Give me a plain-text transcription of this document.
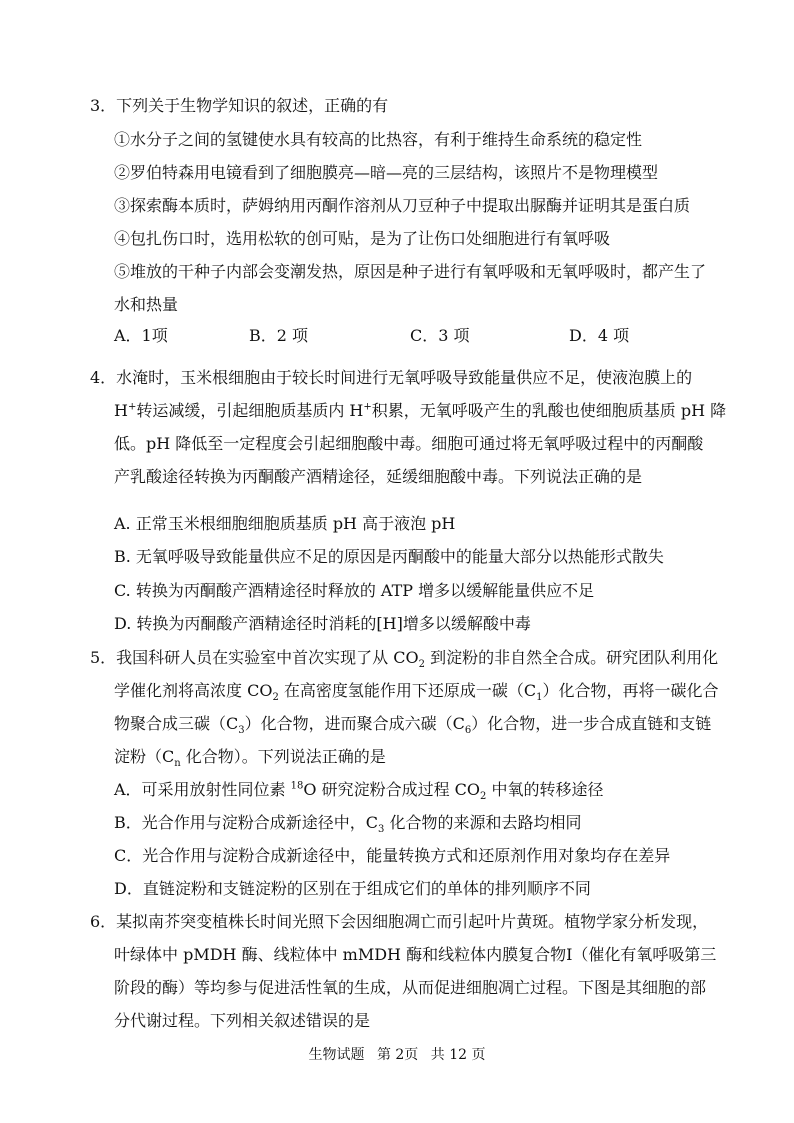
3．下列关于生物学知识的叙述，正确的有
①水分子之间的氢键使水具有较高的比热容，有利于维持生命系统的稳定性
②罗伯特森用电镜看到了细胞膜亮—暗—亮的三层结构，该照片不是物理模型
③探索酶本质时，萨姆纳用丙酮作溶剂从刀豆种子中提取出脲酶并证明其是蛋白质
④包扎伤口时，选用松软的创可贴，是为了让伤口处细胞进行有氧呼吸
⑤堆放的干种子内部会变潮发热，原因是种子进行有氧呼吸和无氧呼吸时，都产生了
水和热量
A．1项	B．2 项	C．3 项	D．4 项
4．水淹时，玉米根细胞由于较长时间进行无氧呼吸导致能量供应不足，使液泡膜上的
H+转运减缓，引起细胞质基质内 H+积累，无氧呼吸产生的乳酸也使细胞质基质 pH 降
低。pH 降低至一定程度会引起细胞酸中毒。细胞可通过将无氧呼吸过程中的丙酮酸
产乳酸途径转换为丙酮酸产酒精途径，延缓细胞酸中毒。下列说法正确的是
A. 正常玉米根细胞细胞质基质 pH 高于液泡 pH
B. 无氧呼吸导致能量供应不足的原因是丙酮酸中的能量大部分以热能形式散失
C. 转换为丙酮酸产酒精途径时释放的 ATP 增多以缓解能量供应不足
D. 转换为丙酮酸产酒精途径时消耗的[H]增多以缓解酸中毒
5．我国科研人员在实验室中首次实现了从 $CO_2$ 到淀粉的非自然全合成。研究团队利用化
学催化剂将高浓度 $CO_2$ 在高密度氢能作用下还原成一碳$(C_1)$化合物，再将一碳化合
物聚合成三碳$(C_3)$化合物，进而聚合成六碳$(C_6)$化合物，进一步合成直链和支链
淀粉（$C_n$ 化合物）。下列说法正确的是
A．可采用放射性同位素 $^{18}$O 研究淀粉合成过程 $CO_2$ 中氧的转移途径
B．光合作用与淀粉合成新途径中，$C_3$ 化合物的来源和去路均相同
C．光合作用与淀粉合成新途径中，能量转换方式和还原剂作用对象均存在差异
D．直链淀粉和支链淀粉的区别在于组成它们的单体的排列顺序不同
6．某拟南芥突变植株长时间光照下会因细胞凋亡而引起叶片黄斑。植物学家分析发现，
叶绿体中 pMDH 酶、线粒体中 mMDH 酶和线粒体内膜复合物Ⅰ（催化有氧呼吸第三
阶段的酶）等均参与促进活性氧的生成，从而促进细胞凋亡过程。下图是其细胞的部
分代谢过程。下列相关叙述错误的是
生物试题 第 2页 共 12 页
